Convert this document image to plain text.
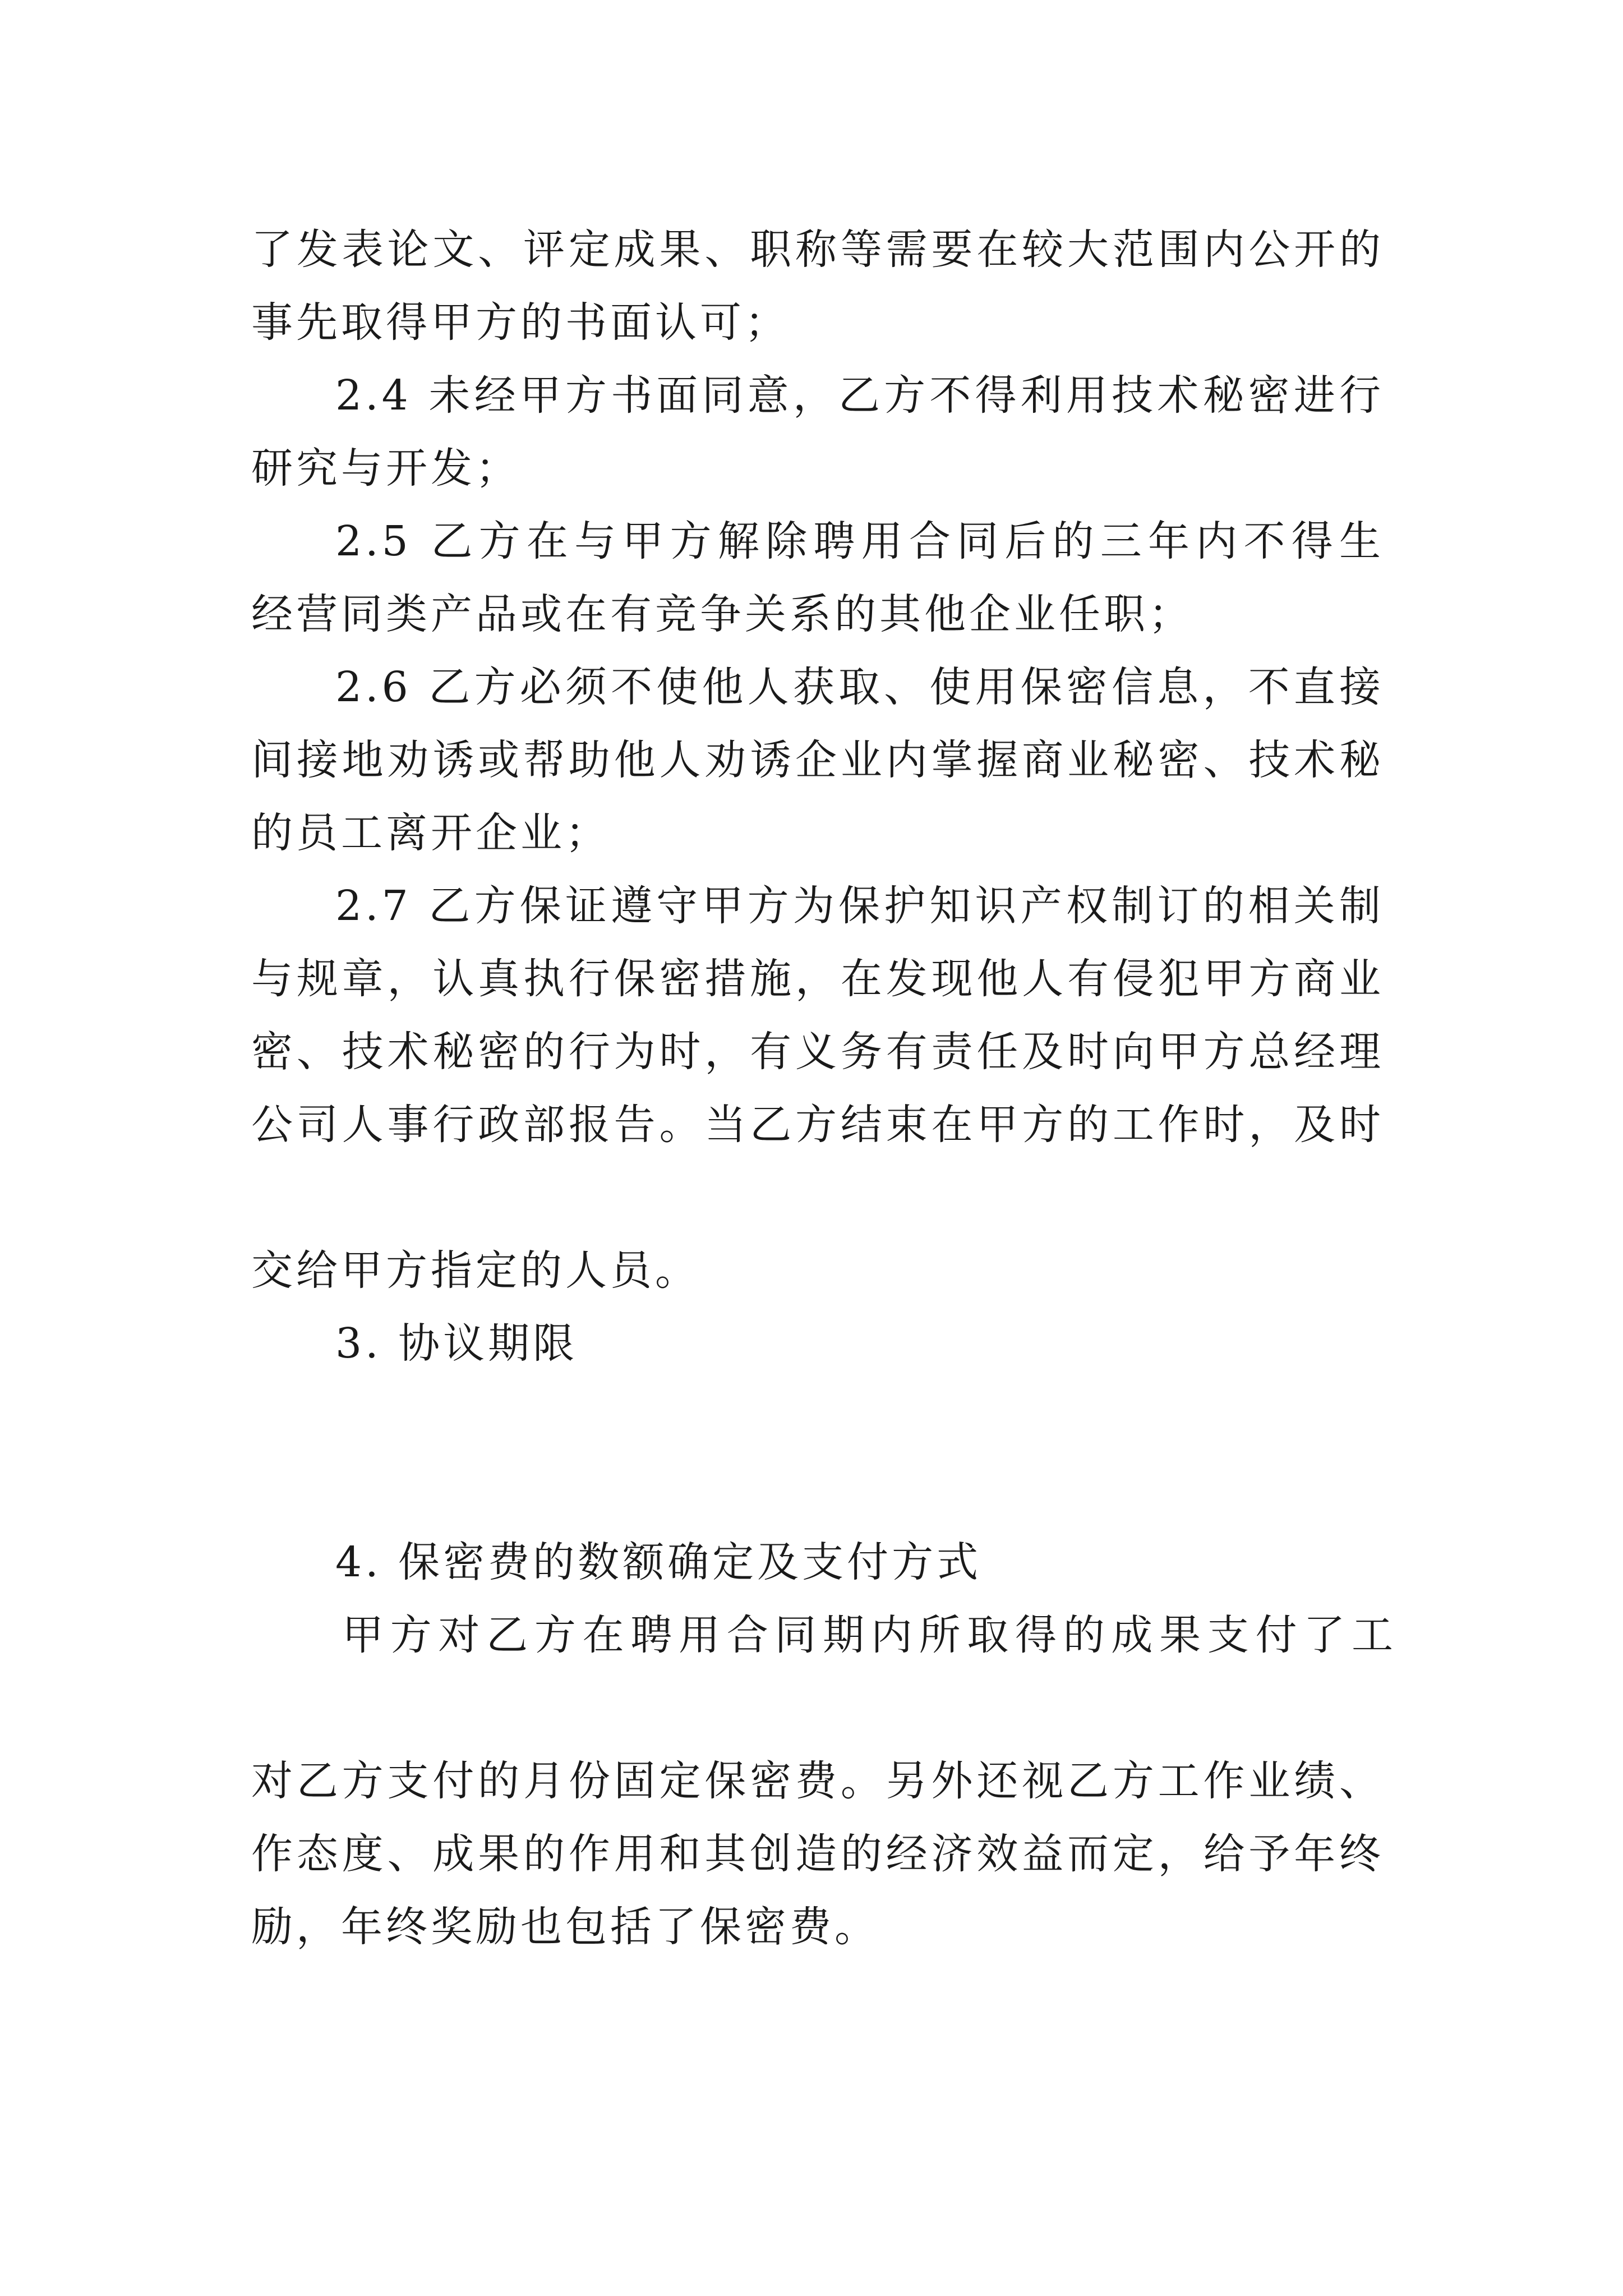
了发表论文、评定成果、职称等需要在较大范围内公开的
事先取得甲方的书面认可；
2.4 未经甲方书面同意，乙方不得利用技术秘密进行
研究与开发；
2.5 乙方在与甲方解除聘用合同后的三年内不得生
经营同类产品或在有竞争关系的其他企业任职；
2.6 乙方必须不使他人获取、使用保密信息，不直接
间接地劝诱或帮助他人劝诱企业内掌握商业秘密、技术秘
的员工离开企业；
2.7 乙方保证遵守甲方为保护知识产权制订的相关制
与规章，认真执行保密措施，在发现他人有侵犯甲方商业
密、技术秘密的行为时，有义务有责任及时向甲方总经理
公司人事行政部报告。当乙方结束在甲方的工作时，及时

交给甲方指定的人员。
3. 协议期限

4. 保密费的数额确定及支付方式
甲方对乙方在聘用合同期内所取得的成果支付了工

对乙方支付的月份固定保密费。另外还视乙方工作业绩、
作态度、成果的作用和其创造的经济效益而定，给予年终
励，年终奖励也包括了保密费。
